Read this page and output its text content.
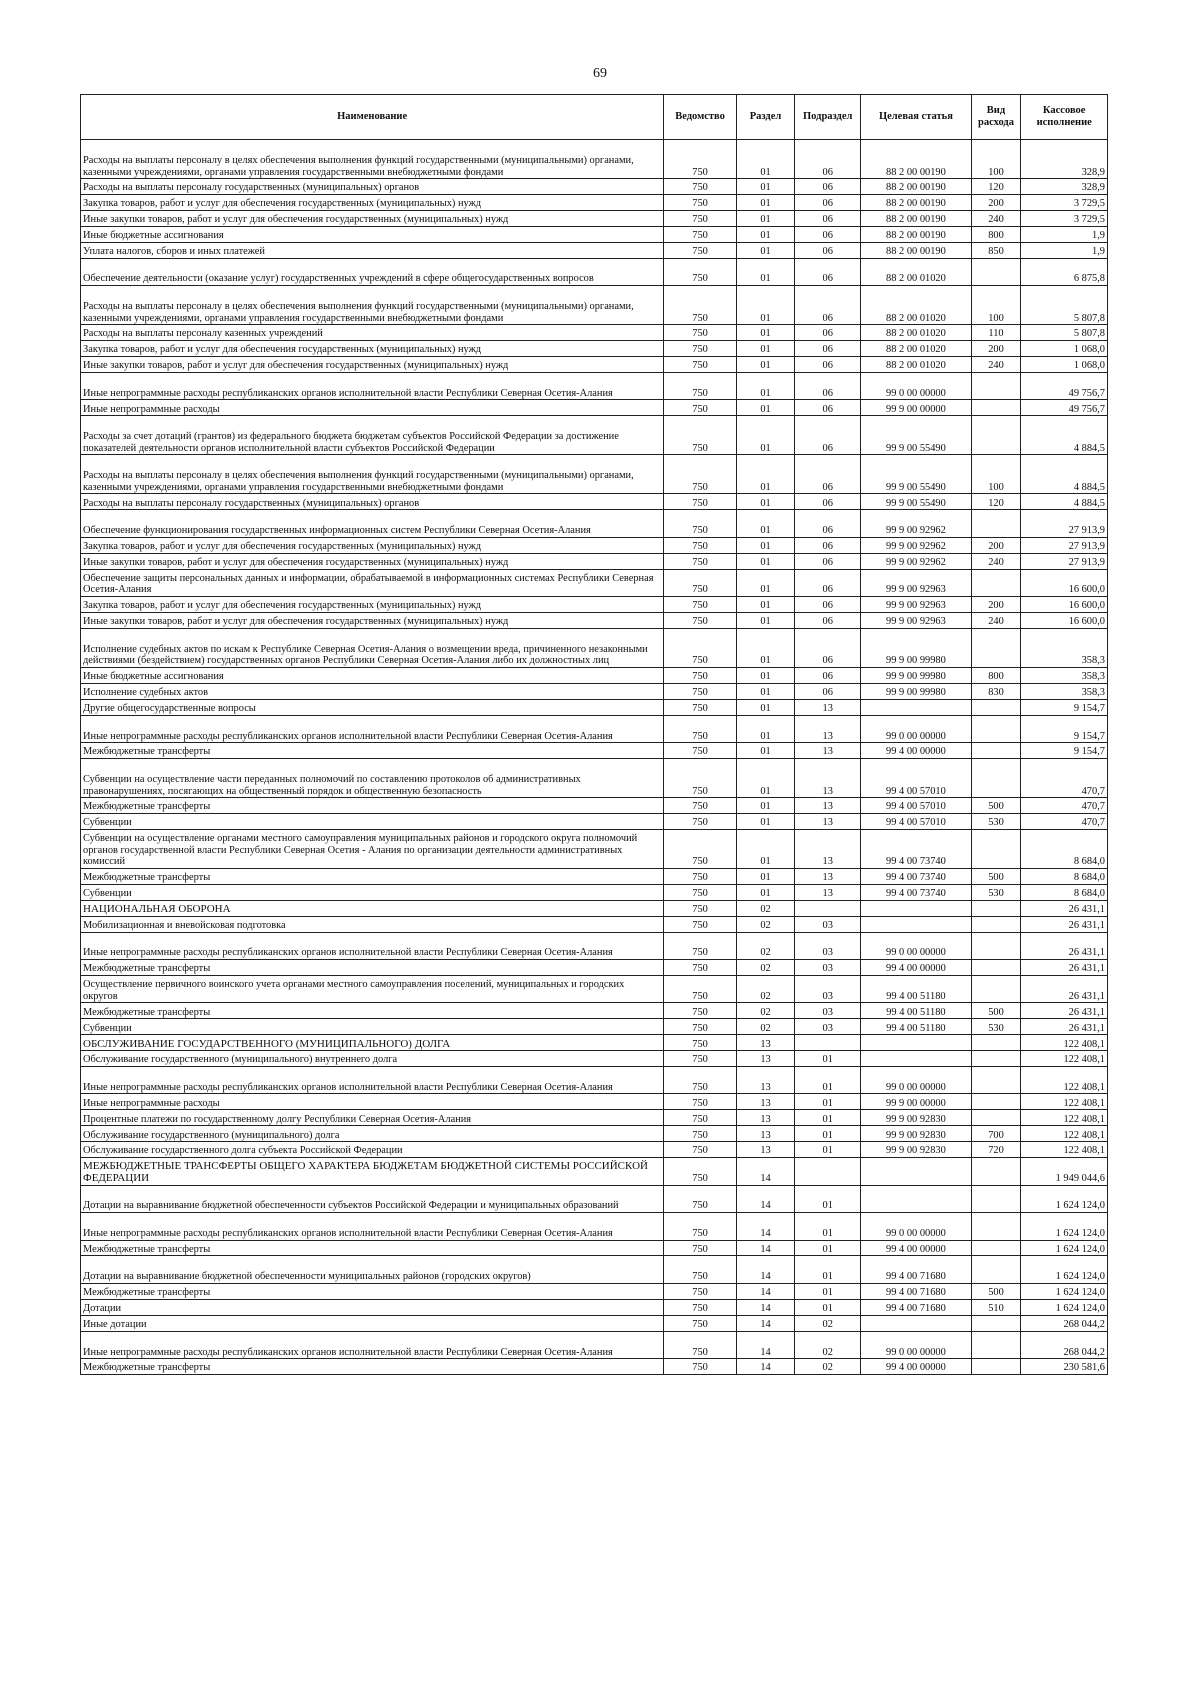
69
Наименование	Ведомство	Раздел	Подраздел	Целевая статья	Вид расхода	Кассовое исполнение
Расходы на выплаты персоналу в целях обеспечения выполнения функций государственными (муниципальными) органами, казенными учреждениями, органами управления государственными внебюджетными фондами	750	01	06	88 2 00 00190	100	328,9
Расходы на выплаты персоналу государственных (муниципальных) органов	750	01	06	88 2 00 00190	120	328,9
Закупка товаров, работ и услуг для обеспечения государственных (муниципальных) нужд	750	01	06	88 2 00 00190	200	3 729,5
Иные закупки товаров, работ и услуг для обеспечения государственных (муниципальных) нужд	750	01	06	88 2 00 00190	240	3 729,5
Иные бюджетные ассигнования	750	01	06	88 2 00 00190	800	1,9
Уплата налогов, сборов и иных платежей	750	01	06	88 2 00 00190	850	1,9
Обеспечение деятельности (оказание услуг) государственных учреждений в сфере общегосударственных вопросов	750	01	06	88 2 00 01020		6 875,8
Расходы на выплаты персоналу в целях обеспечения выполнения функций государственными (муниципальными) органами, казенными учреждениями, органами управления государственными внебюджетными фондами	750	01	06	88 2 00 01020	100	5 807,8
Расходы на выплаты персоналу казенных учреждений	750	01	06	88 2 00 01020	110	5 807,8
Закупка товаров, работ и услуг для обеспечения государственных (муниципальных) нужд	750	01	06	88 2 00 01020	200	1 068,0
Иные закупки товаров, работ и услуг для обеспечения государственных (муниципальных) нужд	750	01	06	88 2 00 01020	240	1 068,0
Иные непрограммные расходы республиканских органов исполнительной власти Республики Северная Осетия-Алания	750	01	06	99 0 00 00000		49 756,7
Иные непрограммные расходы	750	01	06	99 9 00 00000		49 756,7
Расходы за счет дотаций (грантов) из федерального бюджета бюджетам субъектов Российской Федерации за достижение показателей деятельности органов исполнительной власти субъектов Российской Федерации	750	01	06	99 9 00 55490		4 884,5
Расходы на выплаты персоналу в целях обеспечения выполнения функций государственными (муниципальными) органами, казенными учреждениями, органами управления государственными внебюджетными фондами	750	01	06	99 9 00 55490	100	4 884,5
Расходы на выплаты персоналу государственных (муниципальных) органов	750	01	06	99 9 00 55490	120	4 884,5
Обеспечение функционирования государственных информационных систем Республики Северная Осетия-Алания	750	01	06	99 9 00 92962		27 913,9
Закупка товаров, работ и услуг для обеспечения государственных (муниципальных) нужд	750	01	06	99 9 00 92962	200	27 913,9
Иные закупки товаров, работ и услуг для обеспечения государственных (муниципальных) нужд	750	01	06	99 9 00 92962	240	27 913,9
Обеспечение защиты персональных данных и информации, обрабатываемой в информационных системах Республики Северная Осетия-Алания	750	01	06	99 9 00 92963		16 600,0
Закупка товаров, работ и услуг для обеспечения государственных (муниципальных) нужд	750	01	06	99 9 00 92963	200	16 600,0
Иные закупки товаров, работ и услуг для обеспечения государственных (муниципальных) нужд	750	01	06	99 9 00 92963	240	16 600,0
Исполнение судебных актов по искам к Республике Северная Осетия-Алания о возмещении вреда, причиненного незаконными действиями (бездействием) государственных органов Республики Северная Осетия-Алания либо их должностных лиц	750	01	06	99 9 00 99980		358,3
Иные бюджетные ассигнования	750	01	06	99 9 00 99980	800	358,3
Исполнение судебных актов	750	01	06	99 9 00 99980	830	358,3
Другие общегосударственные вопросы	750	01	13			9 154,7
Иные непрограммные расходы республиканских органов исполнительной власти Республики Северная Осетия-Алания	750	01	13	99 0 00 00000		9 154,7
Межбюджетные трансферты	750	01	13	99 4 00 00000		9 154,7
Субвенции на осуществление части переданных полномочий по составлению протоколов об административных правонарушениях, посягающих на общественный порядок и общественную безопасность	750	01	13	99 4 00 57010		470,7
Межбюджетные трансферты	750	01	13	99 4 00 57010	500	470,7
Субвенции	750	01	13	99 4 00 57010	530	470,7
Субвенции на осуществление органами местного самоуправления муниципальных районов и городского округа полномочий органов государственной власти Республики Северная Осетия - Алания по организации деятельности административных комиссий	750	01	13	99 4 00 73740		8 684,0
Межбюджетные трансферты	750	01	13	99 4 00 73740	500	8 684,0
Субвенции	750	01	13	99 4 00 73740	530	8 684,0
НАЦИОНАЛЬНАЯ ОБОРОНА	750	02				26 431,1
Мобилизационная и вневойсковая подготовка	750	02	03			26 431,1
Иные непрограммные расходы республиканских органов исполнительной власти Республики Северная Осетия-Алания	750	02	03	99 0 00 00000		26 431,1
Межбюджетные трансферты	750	02	03	99 4 00 00000		26 431,1
Осуществление первичного воинского учета органами местного самоуправления поселений, муниципальных и городских округов	750	02	03	99 4 00 51180		26 431,1
Межбюджетные трансферты	750	02	03	99 4 00 51180	500	26 431,1
Субвенции	750	02	03	99 4 00 51180	530	26 431,1
ОБСЛУЖИВАНИЕ ГОСУДАРСТВЕННОГО (МУНИЦИПАЛЬНОГО) ДОЛГА	750	13				122 408,1
Обслуживание государственного (муниципального) внутреннего долга	750	13	01			122 408,1
Иные непрограммные расходы республиканских органов исполнительной власти Республики Северная Осетия-Алания	750	13	01	99 0 00 00000		122 408,1
Иные непрограммные расходы	750	13	01	99 9 00 00000		122 408,1
Процентные платежи по государственному долгу Республики Северная Осетия-Алания	750	13	01	99 9 00 92830		122 408,1
Обслуживание государственного (муниципального) долга	750	13	01	99 9 00 92830	700	122 408,1
Обслуживание государственного долга субъекта Российской Федерации	750	13	01	99 9 00 92830	720	122 408,1
МЕЖБЮДЖЕТНЫЕ ТРАНСФЕРТЫ ОБЩЕГО ХАРАКТЕРА БЮДЖЕТАМ БЮДЖЕТНОЙ СИСТЕМЫ РОССИЙСКОЙ ФЕДЕРАЦИИ	750	14				1 949 044,6
Дотации на выравнивание бюджетной обеспеченности субъектов Российской Федерации и муниципальных образований	750	14	01			1 624 124,0
Иные непрограммные расходы республиканских органов исполнительной власти Республики Северная Осетия-Алания	750	14	01	99 0 00 00000		1 624 124,0
Межбюджетные трансферты	750	14	01	99 4 00 00000		1 624 124,0
Дотации на выравнивание бюджетной обеспеченности муниципальных районов (городских округов)	750	14	01	99 4 00 71680		1 624 124,0
Межбюджетные трансферты	750	14	01	99 4 00 71680	500	1 624 124,0
Дотации	750	14	01	99 4 00 71680	510	1 624 124,0
Иные дотации	750	14	02			268 044,2
Иные непрограммные расходы республиканских органов исполнительной власти Республики Северная Осетия-Алания	750	14	02	99 0 00 00000		268 044,2
Межбюджетные трансферты	750	14	02	99 4 00 00000		230 581,6
